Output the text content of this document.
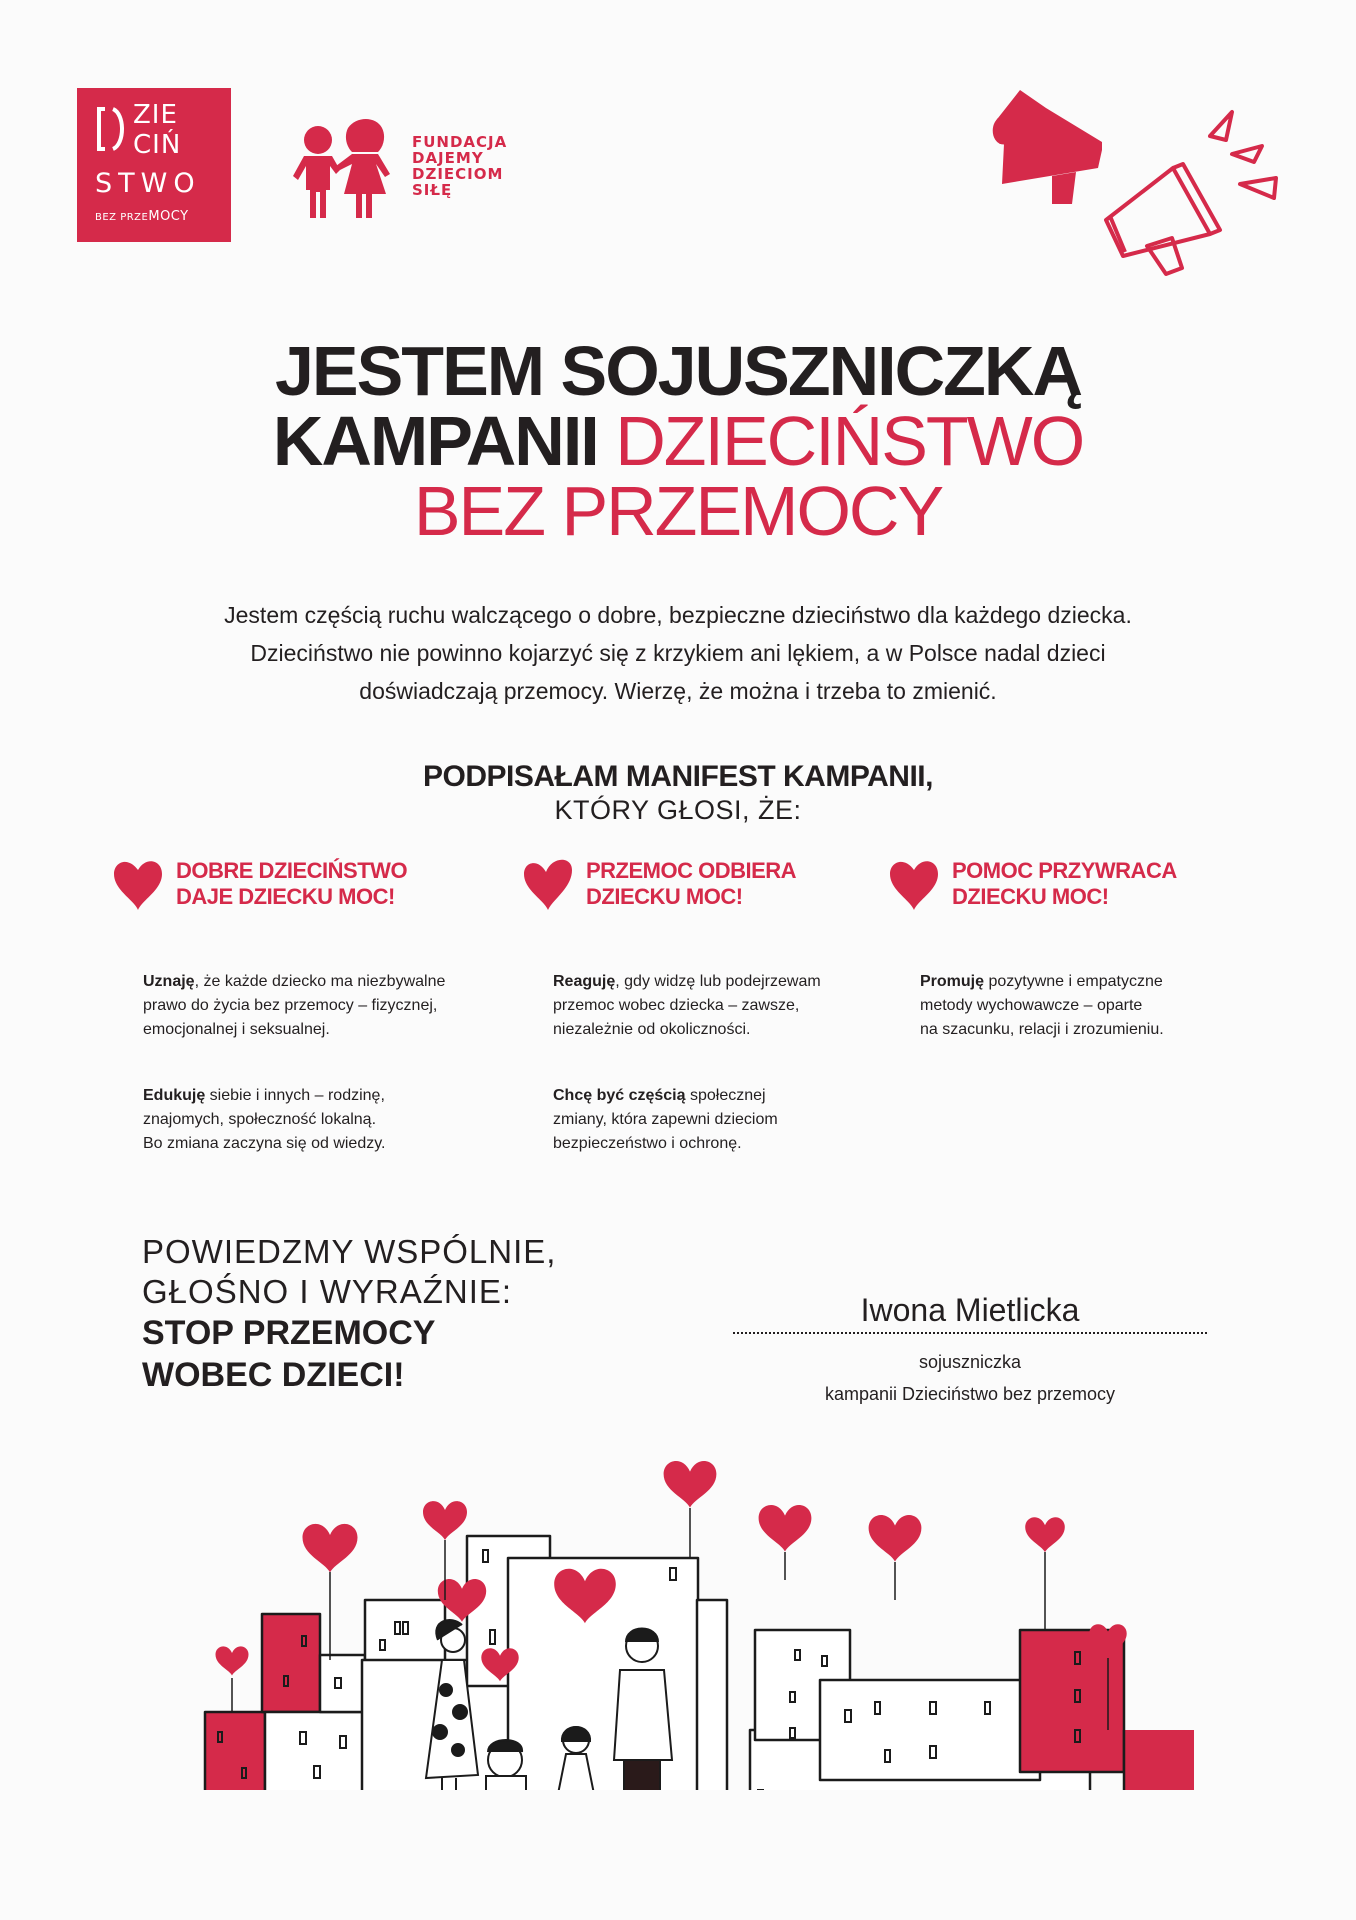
ZIE
CIŃ
STWO
BEZ PRZEMOCY
FUNDACJA
DAJEMY
DZIECIOM
SIŁĘ
JESTEM SOJUSZNICZKĄ
KAMPANII DZIECIŃSTWO
BEZ PRZEMOCY
Jestem częścią ruchu walczącego o dobre, bezpieczne dzieciństwo dla każdego dziecka.
Dzieciństwo nie powinno kojarzyć się z krzykiem ani lękiem, a w Polsce nadal dzieci
doświadczają przemocy. Wierzę, że można i trzeba to zmienić.
PODPISAŁAM MANIFEST KAMPANII,
KTÓRY GŁOSI, ŻE:
DOBRE DZIECIŃSTWO
DAJE DZIECKU MOC!
PRZEMOC ODBIERA
DZIECKU MOC!
POMOC PRZYWRACA
DZIECKU MOC!
Uznaję, że każde dziecko ma niezbywalne
prawo do życia bez przemocy – fizycznej,
emocjonalnej i seksualnej.
Reaguję, gdy widzę lub podejrzewam
przemoc wobec dziecka – zawsze,
niezależnie od okoliczności.
Promuję pozytywne i empatyczne
metody wychowawcze – oparte
na szacunku, relacji i zrozumieniu.
Edukuję siebie i innych – rodzinę,
znajomych, społeczność lokalną.
Bo zmiana zaczyna się od wiedzy.
Chcę być częścią społecznej
zmiany, która zapewni dzieciom
bezpieczeństwo i ochronę.
POWIEDZMY WSPÓLNIE,
GŁOŚNO I WYRAŹNIE:
STOP PRZEMOCY
WOBEC DZIECI!
Iwona Mietlicka
sojuszniczka
kampanii Dzieciństwo bez przemocy
